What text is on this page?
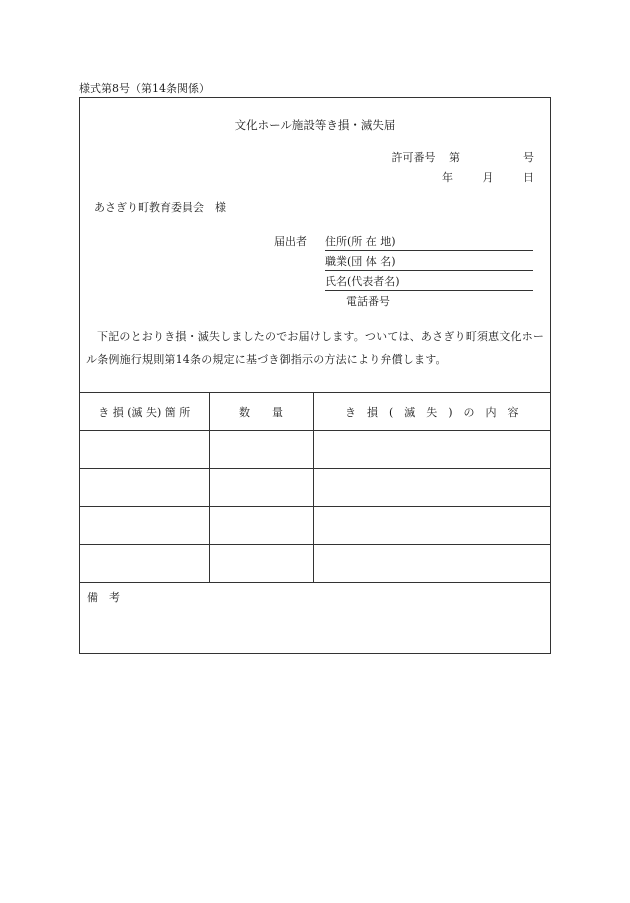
様式第8号（第14条関係）
文化ホール施設等き損・滅失届
許可番号 第	号
年	月	日
あさぎり町教育委員会　様
届出者 住所(所 在 地)
職業(団 体 名)
氏名(代表者名)
電話番号
下記のとおりき損・滅失しましたのでお届けします。ついては、あさぎり町須恵文化ホール条例施行規則第14条の規定に基づき御指示の方法により弁償します。
き 損 (滅 失) 箇 所	数　　量	き　損　(　滅　失　)　の　内　容

備　考
